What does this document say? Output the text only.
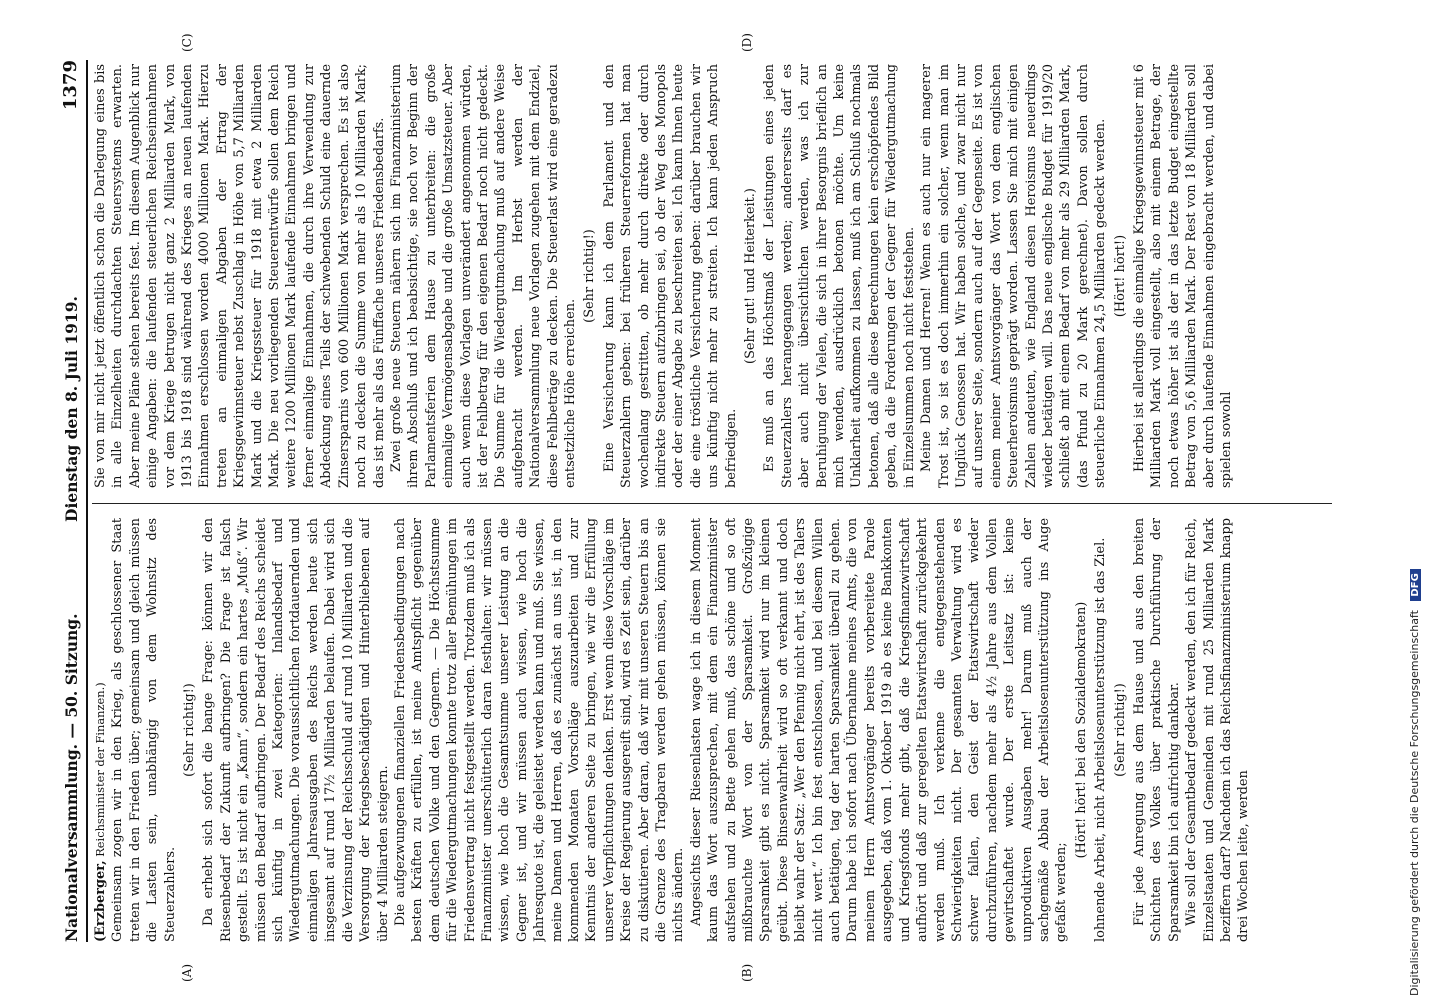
Nationalversammlung. — 50. Sitzung.
Dienstag den 8. Juli 1919.
1379
(A)	(B)
(C)	(D)

(Erzberger, Reichsminister der Finanzen.) Gemeinsam zogen wir in den Krieg, als geschlossener Staat treten wir in den Frieden über; gemeinsam und gleich müssen die Lasten sein, unabhängig von dem Wohnsitz des Steuerzahlers.

(Sehr richtig!) Da erhebt sich sofort die bange Frage: können wir den Riesenbedarf der Zukunft aufbringen? Die Frage ist falsch gestellt. Es ist nicht ein „Kann“, sondern ein hartes „Muß“. Wir müssen den Bedarf aufbringen. Der Bedarf des Reichs scheidet sich künftig in zwei Kategorien: Inlandsbedarf und Wiedergutmachungen. Die voraussichtlichen fortdauernden und einmaligen Jahresausgaben des Reichs werden heute sich insgesamt auf rund 17½ Milliarden belaufen. Dabei wird sich die Verzinsung der Reichsschuld auf rund 10 Milliarden und die Versorgung der Kriegsbeschädigten und Hinterbliebenen auf über 4 Milliarden steigern. Die aufgezwungenen finanziellen Friedensbedingungen nach besten Kräften zu erfüllen, ist meine Amtspflicht gegenüber dem deutschen Volke und den Gegnern. — Die Höchstsumme für die Wiedergutmachungen konnte trotz aller Bemühungen im Friedensvertrag nicht festgestellt werden. Trotzdem muß ich als Finanzminister unerschütterlich daran festhalten: wir müssen wissen, wie hoch die Gesamtsumme unserer Leistung an die Gegner ist, und wir müssen auch wissen, wie hoch die Jahresquote ist, die geleistet werden kann und muß. Sie wissen, meine Damen und Herren, daß es zunächst an uns ist, in den kommenden Monaten Vorschläge auszuarbeiten und zur Kenntnis der anderen Seite zu bringen, wie wir die Erfüllung unserer Verpflichtungen denken. Erst wenn diese Vorschläge im Kreise der Regierung ausgereift sind, wird es Zeit sein, darüber zu diskutieren. Aber daran, daß wir mit unseren Steuern bis an die Grenze des Tragbaren werden gehen müssen, können sie nichts ändern. Angesichts dieser Riesenlasten wage ich in diesem Moment kaum das Wort auszusprechen, mit dem ein Finanzminister aufstehen und zu Bette gehen muß, das schöne und so oft mißbrauchte Wort von der Sparsamkeit. Großzügige Sparsamkeit gibt es nicht. Sparsamkeit wird nur im kleinen geübt. Diese Binsenwahrheit wird so oft verkannt und doch bleibt wahr der Satz: „Wer den Pfennig nicht ehrt, ist des Talers nicht wert.“ Ich bin fest entschlossen, und bei diesem Willen auch betätigen, tag der harten Sparsamkeit überall zu gehen. Darum habe ich sofort nach Übernahme meines Amts, die von meinem Herrn Amtsvorgänger bereits vorbereitete Parole ausgegeben, daß vom 1. Oktober 1919 ab es keine Bankkonten und Kriegsfonds mehr gibt, daß die Kriegsfinanzwirtschaft aufhört und daß zur geregelten Etatswirtschaft zurückgekehrt werden muß. Ich verkenne die entgegenstehenden Schwierigkeiten nicht. Der gesamten Verwaltung wird es schwer fallen, den Geist der Etatswirtschaft wieder durchzuführen, nachdem mehr als 4½ Jahre aus dem Vollen gewirtschaftet wurde. Der erste Leitsatz ist: keine unproduktiven Ausgaben mehr! Darum muß auch der sachgemäße Abbau der Arbeitslosenunterstützung ins Auge gefaßt werden;

(Hört! hört! bei den Sozialdemokraten) lohnende Arbeit, nicht Arbeitslosenunterstützung ist das Ziel. (Sehr richtig!) Für jede Anregung aus dem Hause und aus den breiten Schichten des Volkes über praktische Durchführung der Sparsamkeit bin ich aufrichtig dankbar. Wie soll der Gesamtbedarf gedeckt werden, den ich für Reich, Einzelstaaten und Gemeinden mit rund 25 Milliarden Mark beziffern darf? Nachdem ich das Reichsfinanzministerium knapp drei Wochen leite, werden

Sie von mir nicht jetzt öffentlich schon die Darlegung eines bis in alle Einzelheiten durchdachten Steuersystems erwarten. Aber meine Pläne stehen bereits fest. Im diesem Augenblick nur einige Angaben: die laufenden steuerlichen Reichseinnahmen vor dem Kriege betrugen nicht ganz 2 Milliarden Mark, von 1913 bis 1918 sind während des Krieges an neuen laufenden Einnahmen erschlossen worden 4000 Millionen Mark. Hierzu treten an einmaligen Abgaben der Ertrag der Kriegsgewinnsteuer nebst Zuschlag in Höhe von 5,7 Milliarden Mark und die Kriegssteuer für 1918 mit etwa 2 Milliarden Mark. Die neu vorliegenden Steuerentwürfe sollen dem Reich weitere 1200 Millionen Mark laufende Einnahmen bringen und ferner einmalige Einnahmen, die durch ihre Verwendung zur Abdeckung eines Teils der schwebenden Schuld eine dauernde Zinsersparnis von 600 Millionen Mark versprechen. Es ist also noch zu decken die Summe von mehr als 10 Milliarden Mark; das ist mehr als das Fünffache unseres Friedensbedarfs. Zwei große neue Steuern nähern sich im Finanzministerium ihrem Abschluß und ich beabsichtige, sie noch vor Beginn der Parlamentsferien dem Hause zu unterbreiten: die große einmalige Vermögensabgabe und die große Umsatzsteuer. Aber auch wenn diese Vorlagen unverändert angenommen würden, ist der Fehlbetrag für den eigenen Bedarf noch nicht gedeckt. Die Summe für die Wiedergutmachung muß auf andere Weise aufgebracht werden. Im Herbst werden der Nationalversammlung neue Vorlagen zugehen mit dem Endziel, diese Fehlbeträge zu decken. Die Steuerlast wird eine geradezu entsetzliche Höhe erreichen.

(Sehr richtig!) Eine Versicherung kann ich dem Parlament und den Steuerzahlern geben: bei früheren Steuerreformen hat man wochenlang gestritten, ob mehr durch direkte oder durch indirekte Steuern aufzubringen sei, ob der Weg des Monopols oder der einer Abgabe zu beschreiten sei. Ich kann Ihnen heute die eine tröstliche Versicherung geben: darüber brauchen wir uns künftig nicht mehr zu streiten. Ich kann jeden Anspruch befriedigen.

(Sehr gut! und Heiterkeit.) Es muß an das Höchstmaß der Leistungen eines jeden Steuerzahlers herangegangen werden; andererseits darf es aber auch nicht übersichtlichen werden, was ich zur Beruhigung der Vielen, die sich in ihrer Besorgnis brieflich an mich wenden, ausdrücklich betonen möchte. Um keine Unklarheit aufkommen zu lassen, muß ich am Schluß nochmals betonen, daß alle diese Berechnungen kein erschöpfendes Bild geben, da die Forderungen der Gegner für Wiedergutmachung in Einzelsummen noch nicht feststehen. Meine Damen und Herren! Wenn es auch nur ein magerer Trost ist, so ist es doch immerhin ein solcher, wenn man im Unglück Genossen hat. Wir haben solche, und zwar nicht nur auf unserer Seite, sondern auch auf der Gegenseite. Es ist von einem meiner Amtsvorgänger das Wort von dem englischen Steuerheroismus geprägt worden. Lassen Sie mich mit einigen Zahlen andeuten, wie England diesen Heroismus neuerdings wieder betätigen will. Das neue englische Budget für 1919/20 schließt ab mit einem Bedarf von mehr als 29 Milliarden Mark, (das Pfund zu 20 Mark gerechnet). Davon sollen durch steuerliche Einnahmen 24,5 Milliarden gedeckt werden. (Hört! hört!) Hierbei ist allerdings die einmalige Kriegsgewinnsteuer mit 6 Milliarden Mark voll eingestellt, also mit einem Betrage, der noch etwas höher ist als der in das letzte Budget eingestellte Betrag von 5,6 Milliarden Mark. Der Rest von 18 Milliarden soll aber durch laufende Einnahmen eingebracht werden, und dabei spielen sowohl

Digitalisierung gefördert durch die Deutsche Forschungsgemeinschaft DFG
